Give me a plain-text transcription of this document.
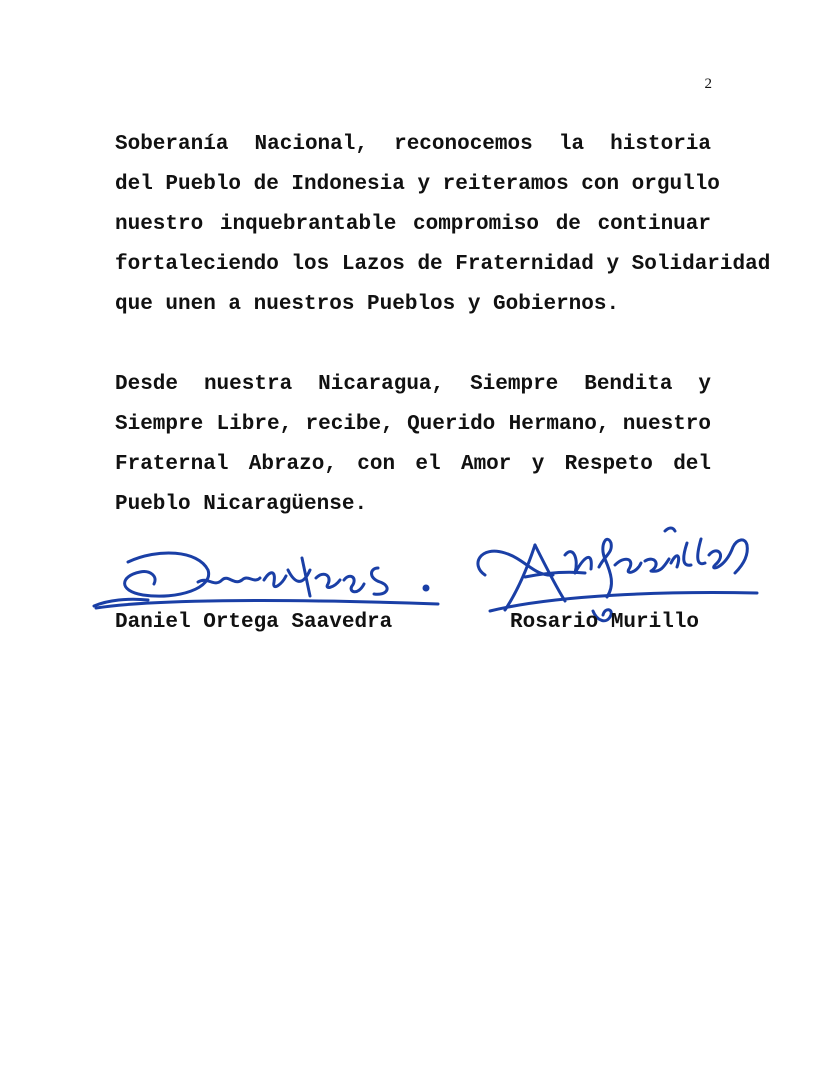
2
Soberanía Nacional, reconocemos la historia
del Pueblo de Indonesia y reiteramos con orgullo
nuestro inquebrantable compromiso de continuar
fortaleciendo los Lazos de Fraternidad y Solidaridad
que unen a nuestros Pueblos y Gobiernos.
Desde nuestra Nicaragua, Siempre Bendita y
Siempre Libre, recibe, Querido Hermano, nuestro
Fraternal Abrazo, con el Amor y Respeto del
Pueblo Nicaragüense.
Daniel Ortega Saavedra	Rosario Murillo
